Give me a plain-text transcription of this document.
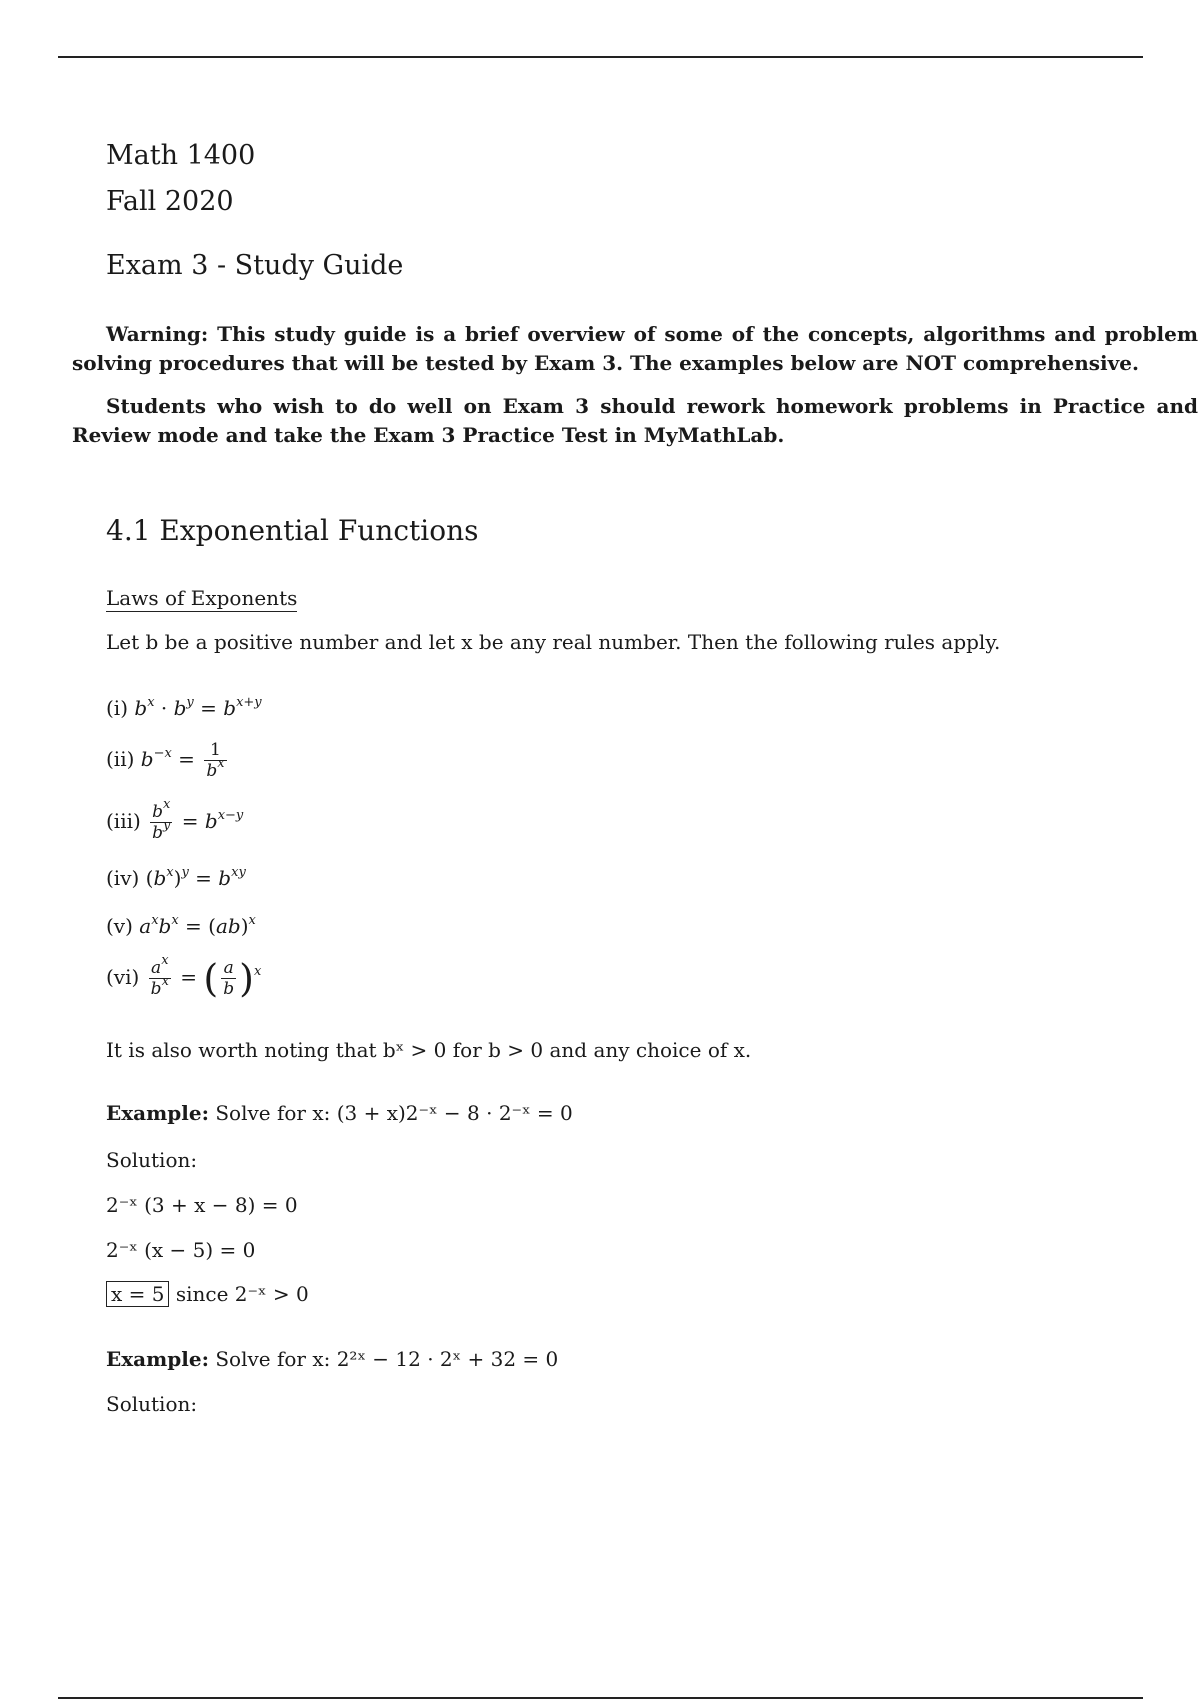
Math 1400
Fall 2020
Exam 3 - Study Guide
Warning: This study guide is a brief overview of some of the concepts, algorithms and problem solving procedures that will be tested by Exam 3. The examples below are NOT comprehensive.
Students who wish to do well on Exam 3 should rework homework problems in Practice and Review mode and take the Exam 3 Practice Test in MyMathLab.
4.1 Exponential Functions
Laws of Exponents
Let b be a positive number and let x be any real number. Then the following rules apply.
(i) $b^x \cdot b^y = b^{x+y}$
(ii) $b^{-x} = \frac{1}{b^x}$
$(iii) \frac{b^x}{b^y} = b^{x-y}$
(iv) $(b^x)^y = b^{xy}$
(v) $a^xb^x = (ab)^x$
$(vi) \frac{a^x}{b^x}$ = ( $\frac{a}{b} )^x$
It is also worth noting that bˣ > 0 for b > 0 and any choice of x.
Example: Solve for x: (3 + x)2⁻ˣ − 8 · 2⁻ˣ = 0
Solution:
2⁻ˣ (3 + x − 8) = 0
2⁻ˣ (x − 5) = 0
x = 5 since 2⁻ˣ > 0
Example: Solve for x: 2²ˣ − 12 · 2ˣ + 32 = 0
Solution:
